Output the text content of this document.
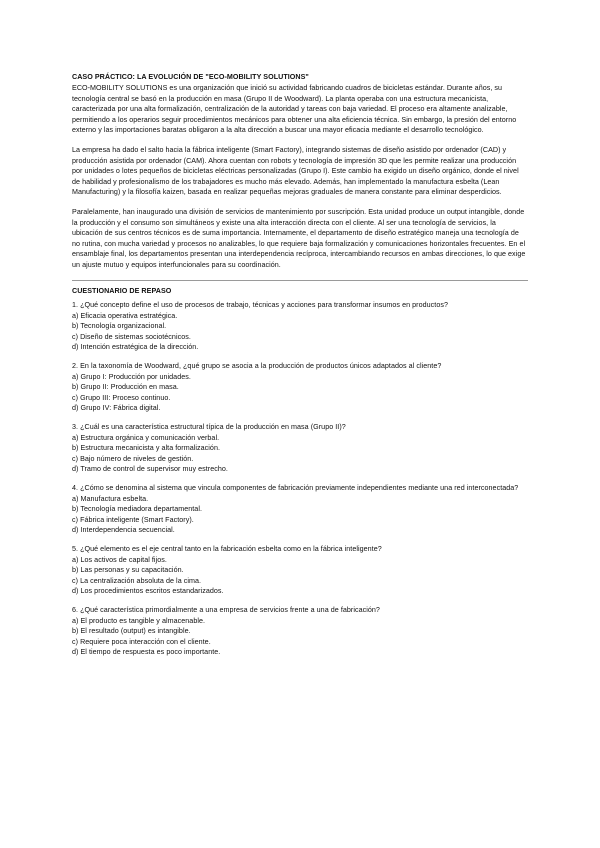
CASO PRÁCTICO: LA EVOLUCIÓN DE "ECO-MOBILITY SOLUTIONS"

ECO-MOBILITY SOLUTIONS es una organización que inició su actividad fabricando cuadros de bicicletas estándar. Durante años, su tecnología central se basó en la producción en masa (Grupo II de Woodward). La planta operaba con una estructura mecanicista, caracterizada por una alta formalización, centralización de la autoridad y tareas con baja variedad. El proceso era altamente analizable, permitiendo a los operarios seguir procedimientos mecánicos para obtener una alta eficiencia técnica. Sin embargo, la presión del entorno externo y las importaciones baratas obligaron a la alta dirección a buscar una mayor eficacia mediante el desarrollo tecnológico.

La empresa ha dado el salto hacia la fábrica inteligente (Smart Factory), integrando sistemas de diseño asistido por ordenador (CAD) y producción asistida por ordenador (CAM). Ahora cuentan con robots y tecnología de impresión 3D que les permite realizar una producción por unidades o lotes pequeños de bicicletas eléctricas personalizadas (Grupo I). Este cambio ha exigido un diseño orgánico, donde el nivel de habilidad y profesionalismo de los trabajadores es mucho más elevado. Además, han implementado la manufactura esbelta (Lean Manufacturing) y la filosofía kaizen, basada en realizar pequeñas mejoras graduales de manera constante para eliminar desperdicios.

Paralelamente, han inaugurado una división de servicios de mantenimiento por suscripción. Esta unidad produce un output intangible, donde la producción y el consumo son simultáneos y existe una alta interacción directa con el cliente. Al ser una tecnología de servicios, la ubicación de sus centros técnicos es de suma importancia. Internamente, el departamento de diseño estratégico maneja una tecnología de no rutina, con mucha variedad y procesos no analizables, lo que requiere baja formalización y comunicaciones horizontales frecuentes. En el ensamblaje final, los departamentos presentan una interdependencia recíproca, intercambiando recursos en ambas direcciones, lo que exige un ajuste mutuo y equipos interfuncionales para su coordinación.

CUESTIONARIO DE REPASO

1. ¿Qué concepto define el uso de procesos de trabajo, técnicas y acciones para transformar insumos en productos?

a) Eficacia operativa estratégica.

b) Tecnología organizacional.

c) Diseño de sistemas sociotécnicos.

d) Intención estratégica de la dirección.

2. En la taxonomía de Woodward, ¿qué grupo se asocia a la producción de productos únicos adaptados al cliente?

a) Grupo I: Producción por unidades.

b) Grupo II: Producción en masa.

c) Grupo III: Proceso continuo.

d) Grupo IV: Fábrica digital.

3. ¿Cuál es una característica estructural típica de la producción en masa (Grupo II)?

a) Estructura orgánica y comunicación verbal.

b) Estructura mecanicista y alta formalización.

c) Bajo número de niveles de gestión.

d) Tramo de control de supervisor muy estrecho.

4. ¿Cómo se denomina al sistema que vincula componentes de fabricación previamente independientes mediante una red interconectada?

a) Manufactura esbelta.

b) Tecnología mediadora departamental.

c) Fábrica inteligente (Smart Factory).

d) Interdependencia secuencial.

5. ¿Qué elemento es el eje central tanto en la fabricación esbelta como en la fábrica inteligente?

a) Los activos de capital fijos.

b) Las personas y su capacitación.

c) La centralización absoluta de la cima.

d) Los procedimientos escritos estandarizados.

6. ¿Qué característica primordialmente a una empresa de servicios frente a una de fabricación?

a) El producto es tangible y almacenable.

b) El resultado (output) es intangible.

c) Requiere poca interacción con el cliente.

d) El tiempo de respuesta es poco importante.
